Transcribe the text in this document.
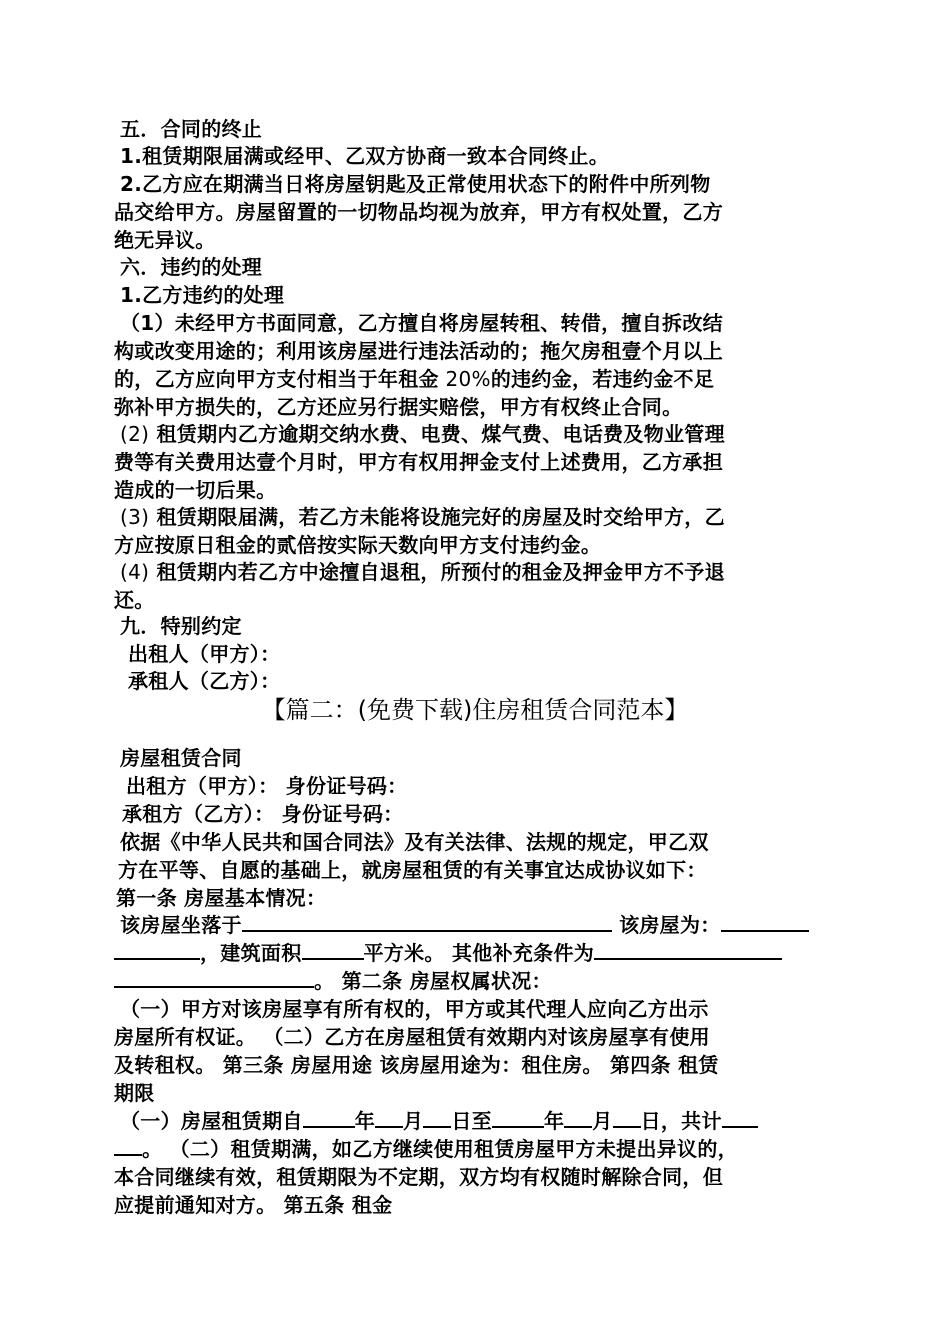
五．合同的终止
1.租赁期限届满或经甲、乙双方协商一致本合同终止。
2.乙方应在期满当日将房屋钥匙及正常使用状态下的附件中所列物
品交给甲方。房屋留置的一切物品均视为放弃，甲方有权处置，乙方
绝无异议。
六．违约的处理
1.乙方违约的处理
（1）未经甲方书面同意，乙方擅自将房屋转租、转借，擅自拆改结
构或改变用途的；利用该房屋进行违法活动的；拖欠房租壹个月以上
的，乙方应向甲方支付相当于年租金 20%的违约金，若违约金不足
弥补甲方损失的，乙方还应另行据实赔偿，甲方有权终止合同。
(2) 租赁期内乙方逾期交纳水费、电费、煤气费、电话费及物业管理
费等有关费用达壹个月时，甲方有权用押金支付上述费用，乙方承担
造成的一切后果。
(3) 租赁期限届满，若乙方未能将设施完好的房屋及时交给甲方，乙
方应按原日租金的贰倍按实际天数向甲方支付违约金。
(4) 租赁期内若乙方中途擅自退租，所预付的租金及押金甲方不予退
还。
九．特别约定
出租人（甲方）：
承租人（乙方）：
【篇二：(免费下载)住房租赁合同范本】
房屋租赁合同
出租方（甲方）： 身份证号码：
承租方（乙方）： 身份证号码：
依据《中华人民共和国合同法》及有关法律、法规的规定，甲乙双
方在平等、自愿的基础上，就房屋租赁的有关事宜达成协议如下：
第一条 房屋基本情况：
该房屋坐落于	该房屋为：
，建筑面积	平方米。 其他补充条件为
。 第二条 房屋权属状况：
（一）甲方对该房屋享有所有权的，甲方或其代理人应向乙方出示
房屋所有权证。 （二）乙方在房屋租赁有效期内对该房屋享有使用
及转租权。 第三条 房屋用途 该房屋用途为：租住房。 第四条 租赁
期限
（一）房屋租赁期自	年 月 日至	年 月 日，共计
。 （二）租赁期满，如乙方继续使用租赁房屋甲方未提出异议的，
本合同继续有效，租赁期限为不定期，双方均有权随时解除合同，但
应提前通知对方。 第五条 租金
